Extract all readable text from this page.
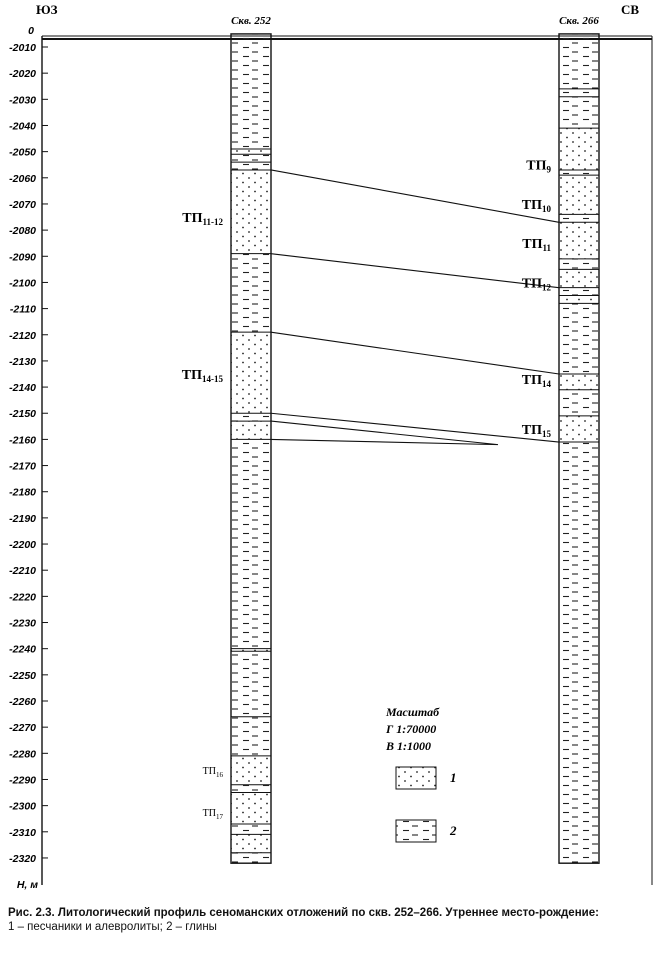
ЮЗ	СВ
Скв. 252	Скв. 266
0
H, м
-2010
-2020
-2030
-2040
-2050
-2060
-2070
-2080
-2090
-2100
-2110
-2120
-2130
-2140
-2150
-2160
-2170
-2180
-2190
-2200
-2210
-2220
-2230
-2240
-2250
-2260
-2270
-2280
-2290
-2300
-2310
-2320
$ТП_{11-12}$
$ТП_{14-15}$
$ТП_{16}$
$ТП_{17}$
$ТП_9$
$ТП_{10}$
$ТП_{11}$
$ТП_{12}$
$ТП_{14}$
$ТП_{15}$
Масштаб
Г 1:70000
В 1:1000
1
2
Рис. 2.3. Литологический профиль сеноманских отложений по скв. 252–266. Утреннее место-рождение:
1 – песчаники и алевролиты; 2 – глины
